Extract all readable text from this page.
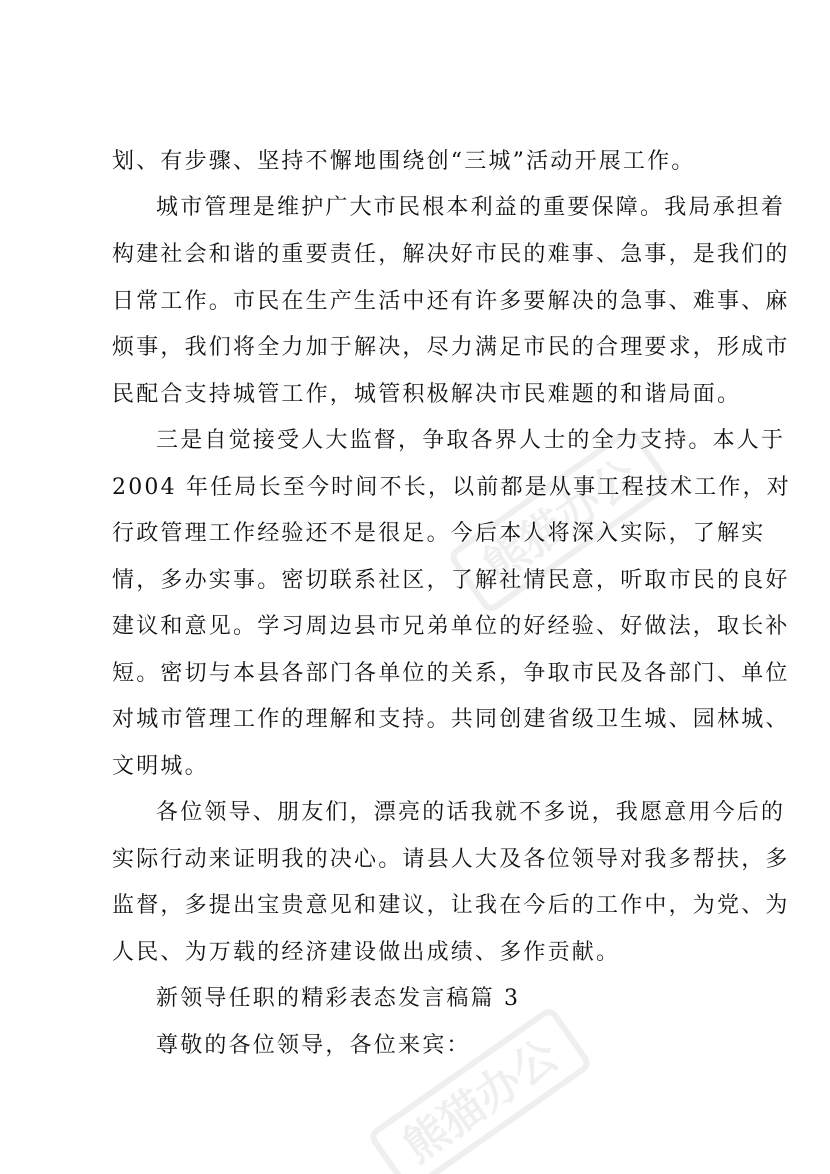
熊猫办公
熊猫办公
划、有步骤、坚持不懈地围绕创“三城”活动开展工作。
城市管理是维护广大市民根本利益的重要保障。我局承担着
构建社会和谐的重要责任，解决好市民的难事、急事，是我们的
日常工作。市民在生产生活中还有许多要解决的急事、难事、麻
烦事，我们将全力加于解决，尽力满足市民的合理要求，形成市
民配合支持城管工作，城管积极解决市民难题的和谐局面。
三是自觉接受人大监督，争取各界人士的全力支持。本人于
2004 年任局长至今时间不长，以前都是从事工程技术工作，对
行政管理工作经验还不是很足。今后本人将深入实际，了解实
情，多办实事。密切联系社区，了解社情民意，听取市民的良好
建议和意见。学习周边县市兄弟单位的好经验、好做法，取长补
短。密切与本县各部门各单位的关系，争取市民及各部门、单位
对城市管理工作的理解和支持。共同创建省级卫生城、园林城、
文明城。
各位领导、朋友们，漂亮的话我就不多说，我愿意用今后的
实际行动来证明我的决心。请县人大及各位领导对我多帮扶，多
监督，多提出宝贵意见和建议，让我在今后的工作中，为党、为
人民、为万载的经济建设做出成绩、多作贡献。
新领导任职的精彩表态发言稿篇 3
尊敬的各位领导，各位来宾：
